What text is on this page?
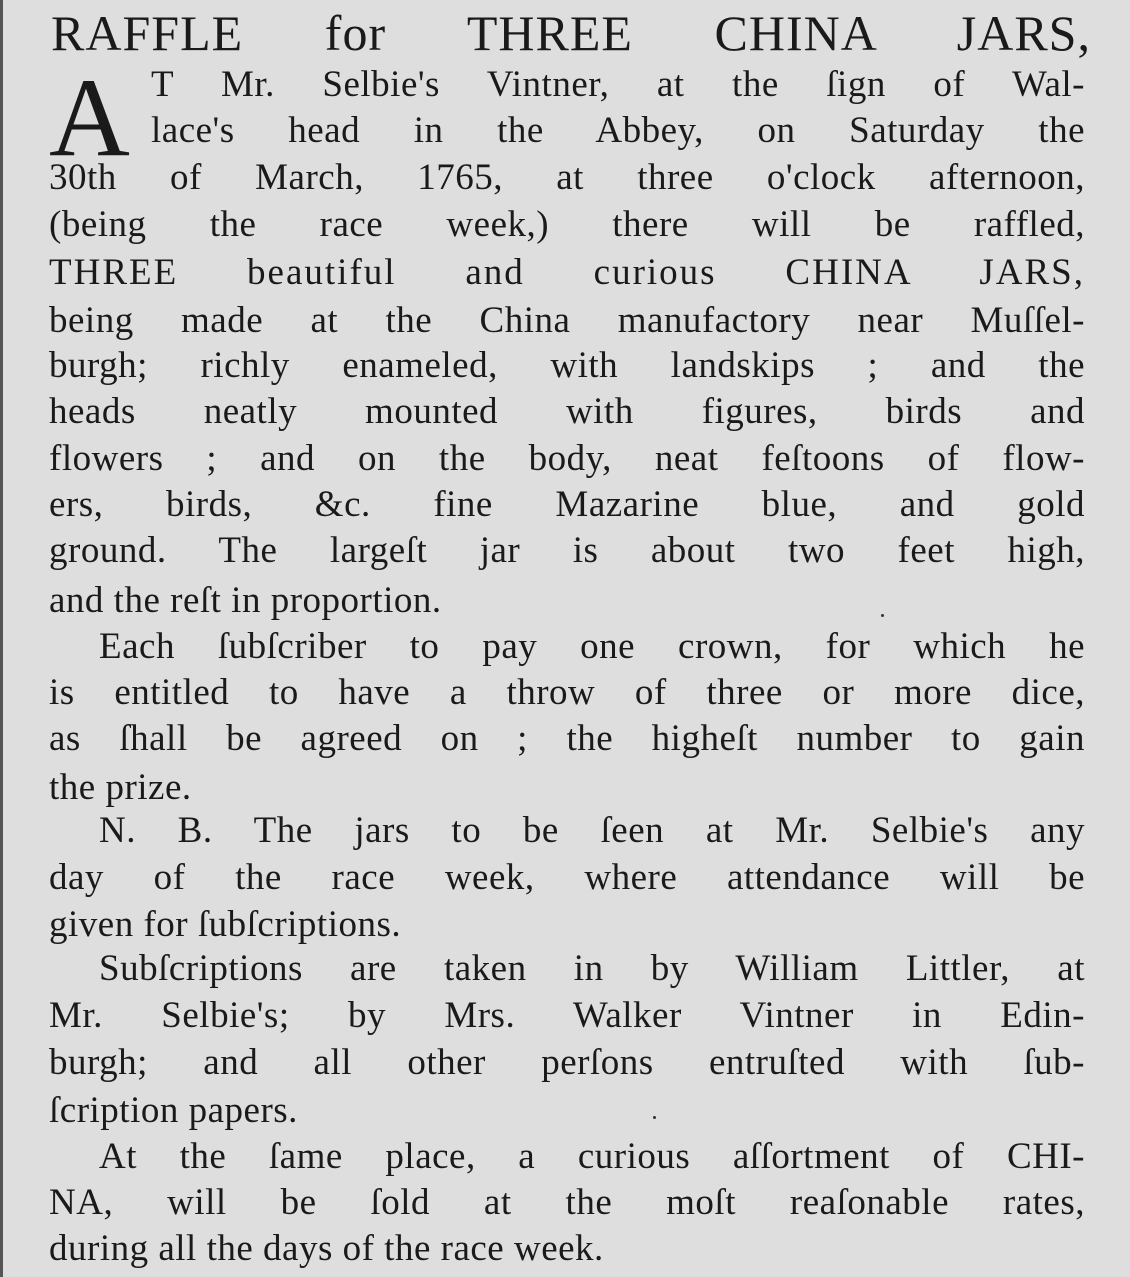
RAFFLE for THREE CHINA JARS,
A T Mr. Selbie's Vintner, at the ſign of Wal-
lace's head in the Abbey, on Saturday the
30th of March, 1765, at three o'clock afternoon,
(being the race week,) there will be raffled,
THREE beautiful and curious CHINA JARS,
being made at the China manufactory near Muſſel-
burgh; richly enameled, with landskips ; and the
heads neatly mounted with figures, birds and
flowers ; and on the body, neat feſtoons of flow-
ers, birds, &c. fine Mazarine blue, and gold
ground. The largeſt jar is about two feet high,
and the reſt in proportion.
Each ſubſcriber to pay one crown, for which he
is entitled to have a throw of three or more dice,
as ſhall be agreed on ; the higheſt number to gain
the prize.
N. B. The jars to be ſeen at Mr. Selbie's any
day of the race week, where attendance will be
given for ſubſcriptions.
Subſcriptions are taken in by William Littler, at
Mr. Selbie's; by Mrs. Walker Vintner in Edin-
burgh; and all other perſons entruſted with ſub-
ſcription papers.
At the ſame place, a curious aſſortment of CHI-
NA, will be ſold at the moſt reaſonable rates,
during all the days of the race week.
